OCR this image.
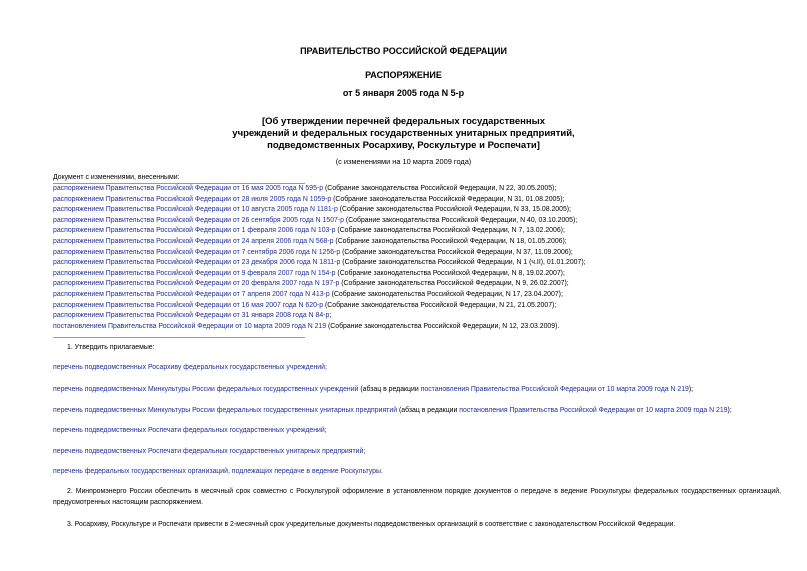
ПРАВИТЕЛЬСТВО РОССИЙСКОЙ ФЕДЕРАЦИИ
РАСПОРЯЖЕНИЕ
от 5 января 2005 года N 5-р
[Об утверждении перечней федеральных государственных
учреждений и федеральных государственных унитарных предприятий,
подведомственных Росархиву, Роскультуре и Роспечати]
(с изменениями на 10 марта 2009 года)
Документ с изменениями, внесенными:
распоряжением Правительства Российской Федерации от 16 мая 2005 года N 595-р (Собрание законодательства Российской Федерации, N 22, 30.05.2005);
распоряжением Правительства Российской Федерации от 28 июля 2005 года N 1059-р (Собрание законодательства Российской Федерации, N 31, 01.08.2005);
распоряжением Правительства Российской Федерации от 10 августа 2005 года N 1181-р (Собрание законодательства Российской Федерации, N 33, 15.08.2005);
распоряжением Правительства Российской Федерации от 26 сентября 2005 года N 1507-р (Собрание законодательства Российской Федерации, N 40, 03.10.2005);
распоряжением Правительства Российской Федерации от 1 февраля 2006 года N 103-р (Собрание законодательства Российской Федерации, N 7, 13.02.2006);
распоряжением Правительства Российской Федерации от 24 апреля 2006 года N 568-р (Собрание законодательства Российской Федерации, N 18, 01.05.2006);
распоряжением Правительства Российской Федерации от 7 сентября 2006 года N 1256-р (Собрание законодательства Российской Федерации, N 37, 11.09.2006);
распоряжением Правительства Российской Федерации от 23 декабря 2006 года N 1811-р (Собрание законодательства Российской Федерации, N 1 (ч.II), 01.01.2007);
распоряжением Правительства Российской Федерации от 9 февраля 2007 года N 154-р (Собрание законодательства Российской Федерации, N 8, 19.02.2007);
распоряжением Правительства Российской Федерации от 20 февраля 2007 года N 197-р (Собрание законодательства Российской Федерации, N 9, 26.02.2007);
распоряжением Правительства Российской Федерации от 7 апреля 2007 года N 413-р (Собрание законодательства Российской Федерации, N 17, 23.04.2007);
распоряжением Правительства Российской Федерации от 16 мая 2007 года N 620-р (Собрание законодательства Российской Федерации, N 21, 21.05.2007);
распоряжением Правительства Российской Федерации от 31 января 2008 года N 84-р;
постановлением Правительства Российской Федерации от 10 марта 2009 года N 219 (Собрание законодательства Российской Федерации, N 12, 23.03.2009).
1. Утвердить прилагаемые:
перечень подведомственных Росархиву федеральных государственных учреждений;
перечень подведомственных Минкультуры России федеральных государственных учреждений (абзац в редакции постановления Правительства Российской Федерации от 10 марта 2009 года N 219);
перечень подведомственных Минкультуры России федеральных государственных унитарных предприятий (абзац в редакции постановления Правительства Российской Федерации от 10 марта 2009 года N 219);
перечень подведомственных Роспечати федеральных государственных учреждений;
перечень подведомственных Роспечати федеральных государственных унитарных предприятий;
перечень федеральных государственных организаций, подлежащих передаче в ведение Роскультуры.
2. Минпромэнерго России обеспечить в месячный срок совместно с Роскультурой оформление в установленном порядке документов о передаче в ведение Роскультуры федеральных государственных организаций, предусмотренных настоящим распоряжением.
3. Росархиву, Роскультуре и Роспечати привести в 2-месячный срок учредительные документы подведомственных организаций в соответствие с законодательством Российской Федерации.
